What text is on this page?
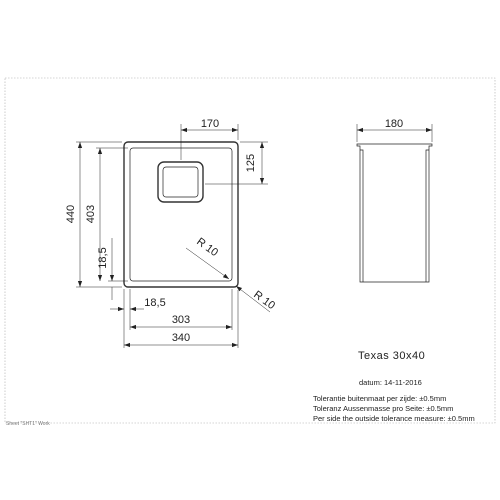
170
125
440 403
18,5
18,5
303
340
R 10
R 10
180
Texas 30x40
datum: 14-11-2016
Tolerantie buitenmaat per zijde: ±0.5mm
Toleranz Aussenmasse pro Seite: ±0.5mm
Per side the outside tolerance measure: ±0.5mm
Sheet "SHT1" Work
